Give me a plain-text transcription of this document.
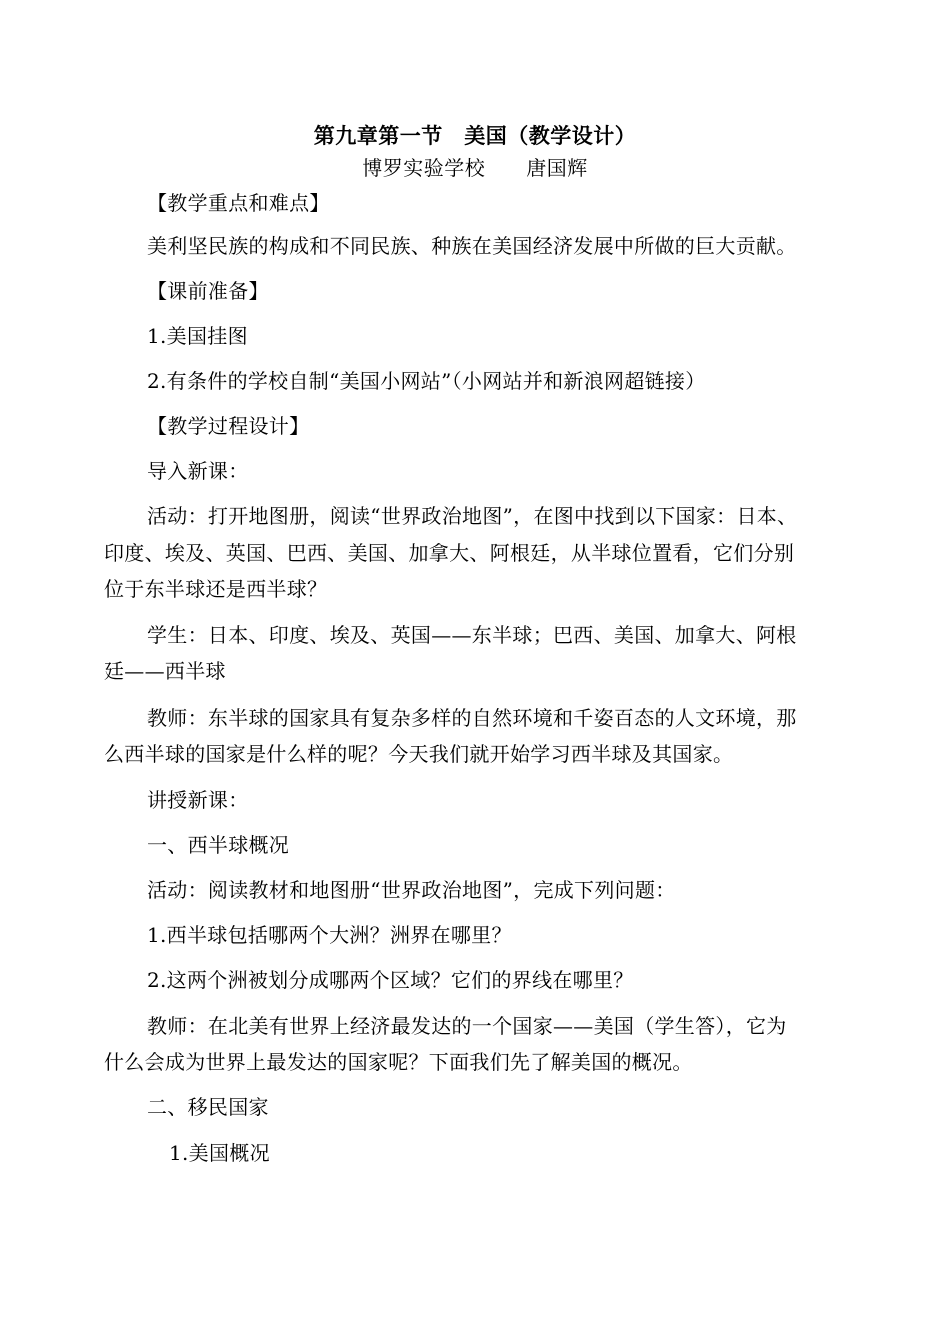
第九章第一节　美国（教学设计）
博罗实验学校　　唐国辉
【教学重点和难点】
美利坚民族的构成和不同民族、种族在美国经济发展中所做的巨大贡献。
【课前准备】
1.美国挂图
2.有条件的学校自制“美国小网站”（小网站并和新浪网超链接）
【教学过程设计】
导入新课：
活动：打开地图册，阅读“世界政治地图”，在图中找到以下国家：日本、
印度、埃及、英国、巴西、美国、加拿大、阿根廷，从半球位置看，它们分别
位于东半球还是西半球？
学生：日本、印度、埃及、英国——东半球；巴西、美国、加拿大、阿根
廷——西半球
教师：东半球的国家具有复杂多样的自然环境和千姿百态的人文环境，那
么西半球的国家是什么样的呢？今天我们就开始学习西半球及其国家。
讲授新课：
一、西半球概况
活动：阅读教材和地图册“世界政治地图”，完成下列问题：
1.西半球包括哪两个大洲？洲界在哪里？
2.这两个洲被划分成哪两个区域？它们的界线在哪里？
教师：在北美有世界上经济最发达的一个国家——美国（学生答），它为
什么会成为世界上最发达的国家呢？下面我们先了解美国的概况。
二、移民国家
1.美国概况
